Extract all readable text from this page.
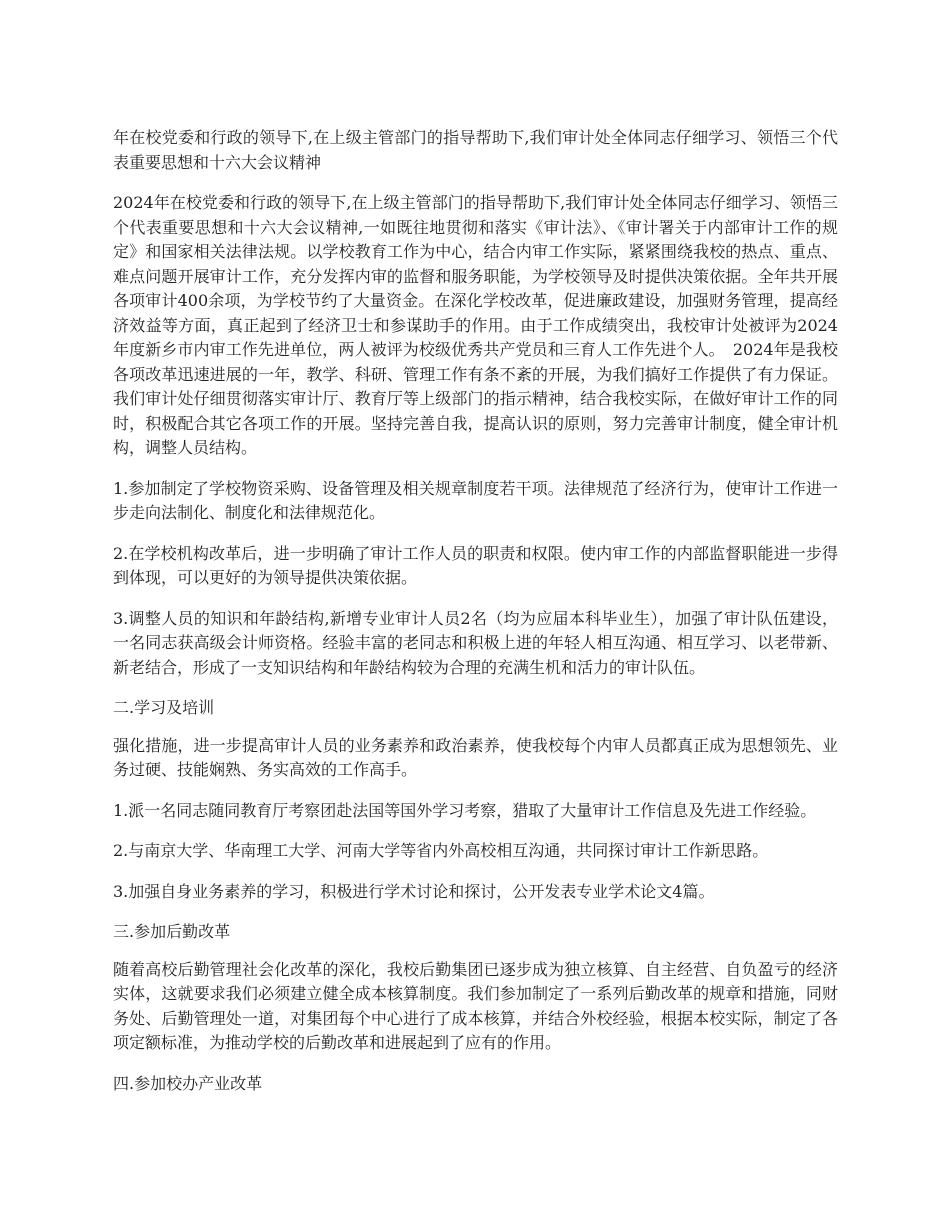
年在校党委和行政的领导下,在上级主管部门的指导帮助下,我们审计处全体同志仔细学习、领悟三个代表重要思想和十六大会议精神

2024年在校党委和行政的领导下,在上级主管部门的指导帮助下,我们审计处全体同志仔细学习、领悟三个代表重要思想和十六大会议精神,一如既往地贯彻和落实《审计法》、《审计署关于内部审计工作的规定》和国家相关法律法规。以学校教育工作为中心，结合内审工作实际，紧紧围绕我校的热点、重点、难点问题开展审计工作，充分发挥内审的监督和服务职能，为学校领导及时提供决策依据。全年共开展各项审计400余项，为学校节约了大量资金。在深化学校改革，促进廉政建设，加强财务管理，提高经济效益等方面，真正起到了经济卫士和参谋助手的作用。由于工作成绩突出，我校审计处被评为2024年度新乡市内审工作先进单位，两人被评为校级优秀共产党员和三育人工作先进个人。　2024年是我校各项改革迅速进展的一年，教学、科研、管理工作有条不紊的开展，为我们搞好工作提供了有力保证。我们审计处仔细贯彻落实审计厅、教育厅等上级部门的指示精神，结合我校实际，在做好审计工作的同时，积极配合其它各项工作的开展。坚持完善自我，提高认识的原则，努力完善审计制度，健全审计机构，调整人员结构。

1.参加制定了学校物资采购、设备管理及相关规章制度若干项。法律规范了经济行为，使审计工作进一步走向法制化、制度化和法律规范化。

2.在学校机构改革后，进一步明确了审计工作人员的职责和权限。使内审工作的内部监督职能进一步得到体现，可以更好的为领导提供决策依据。

3.调整人员的知识和年龄结构,新增专业审计人员2名（均为应届本科毕业生），加强了审计队伍建设，一名同志获高级会计师资格。经验丰富的老同志和积极上进的年轻人相互沟通、相互学习、以老带新、新老结合，形成了一支知识结构和年龄结构较为合理的充满生机和活力的审计队伍。

二.学习及培训

强化措施，进一步提高审计人员的业务素养和政治素养，使我校每个内审人员都真正成为思想领先、业务过硬、技能娴熟、务实高效的工作高手。

1.派一名同志随同教育厅考察团赴法国等国外学习考察，猎取了大量审计工作信息及先进工作经验。

2.与南京大学、华南理工大学、河南大学等省内外高校相互沟通，共同探讨审计工作新思路。

3.加强自身业务素养的学习，积极进行学术讨论和探讨，公开发表专业学术论文4篇。

三.参加后勤改革

随着高校后勤管理社会化改革的深化，我校后勤集团已逐步成为独立核算、自主经营、自负盈亏的经济实体，这就要求我们必须建立健全成本核算制度。我们参加制定了一系列后勤改革的规章和措施，同财务处、后勤管理处一道，对集团每个中心进行了成本核算，并结合外校经验，根据本校实际，制定了各项定额标准，为推动学校的后勤改革和进展起到了应有的作用。

四.参加校办产业改革
